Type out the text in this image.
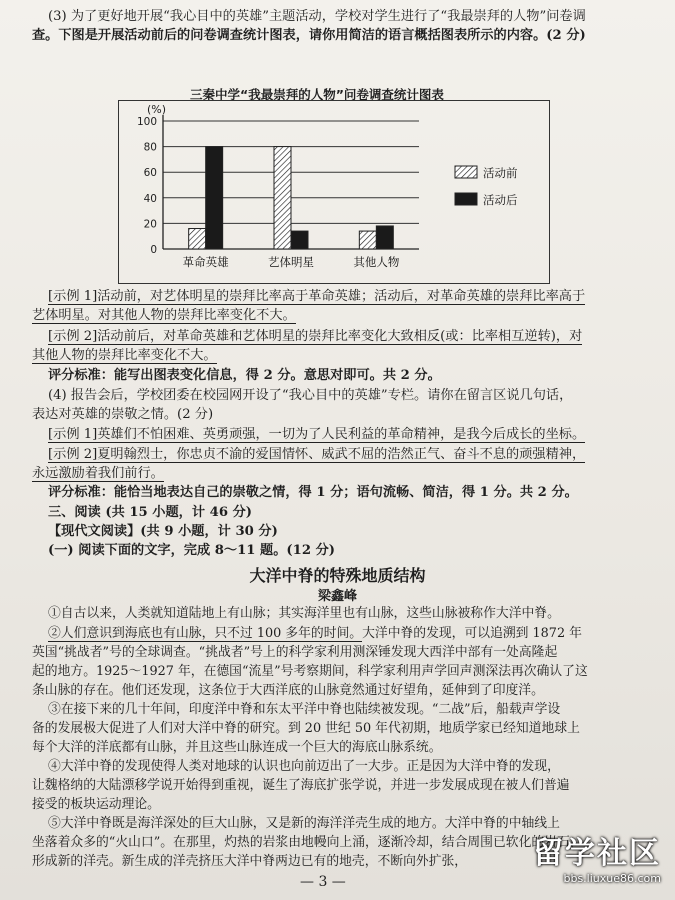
(3) 为了更好地开展“我心目中的英雄”主题活动，学校对学生进行了“我最崇拜的人物”问卷调
查。下图是开展活动前后的问卷调查统计图表，请你用简洁的语言概括图表所示的内容。(2 分)
三秦中学“我最崇拜的人物”问卷调查统计图表
(%)
0
20
40
60
80
100
革命英雄	艺体明星	其他人物
活动前
活动后
[示例 1]活动前，对艺体明星的崇拜比率高于革命英雄；活动后，对革命英雄的崇拜比率高于
艺体明星。对其他人物的崇拜比率变化不大。
[示例 2]活动前后，对革命英雄和艺体明星的崇拜比率变化大致相反(或：比率相互逆转)，对
其他人物的崇拜比率变化不大。
评分标准：能写出图表变化信息，得 2 分。意思对即可。共 2 分。
(4) 报告会后，学校团委在校园网开设了“我心目中的英雄”专栏。请你在留言区说几句话，
表达对英雄的崇敬之情。(2 分)
[示例 1]英雄们不怕困难、英勇顽强，一切为了人民利益的革命精神，是我今后成长的坐标。
[示例 2]夏明翰烈士，你忠贞不渝的爱国情怀、威武不屈的浩然正气、奋斗不息的顽强精神，
永远激励着我们前行。
评分标准：能恰当地表达自己的崇敬之情，得 1 分；语句流畅、简洁，得 1 分。共 2 分。
三、阅读 (共 15 小题，计 46 分)
【现代文阅读】(共 9 小题，计 30 分)
(一) 阅读下面的文字，完成 8～11 题。(12 分)
大洋中脊的特殊地质结构
梁鑫峰
①自古以来，人类就知道陆地上有山脉；其实海洋里也有山脉，这些山脉被称作大洋中脊。
②人们意识到海底也有山脉，只不过 100 多年的时间。大洋中脊的发现，可以追溯到 1872 年
英国“挑战者”号的全球调查。“挑战者”号上的科学家利用测深锤发现大西洋中部有一处高隆起
起的地方。1925～1927 年，在德国“流星”号考察期间，科学家利用声学回声测深法再次确认了这
条山脉的存在。他们还发现，这条位于大西洋底的山脉竟然通过好望角，延伸到了印度洋。
③在接下来的几十年间，印度洋中脊和东太平洋中脊也陆续被发现。“二战”后，船载声学设
备的发展极大促进了人们对大洋中脊的研究。到 20 世纪 50 年代初期，地质学家已经知道地球上
每个大洋的洋底都有山脉，并且这些山脉连成一个巨大的海底山脉系统。
④大洋中脊的发现使得人类对地球的认识也向前迈出了一大步。正是因为大洋中脊的发现，
让魏格纳的大陆漂移学说开始得到重视，诞生了海底扩张学说，并进一步发展成现在被人们普遍
接受的板块运动理论。
⑤大洋中脊既是海洋深处的巨大山脉，又是新的海洋洋壳生成的地方。大洋中脊的中轴线上
坐落着众多的“火山口”。在那里，灼热的岩浆由地幔向上涌，逐渐冷却，结合周围已软化的岩石，
形成新的洋壳。新生成的洋壳挤压大洋中脊两边已有的地壳，不断向外扩张，
— 3 —
留学社区
bbs.liuxue86.com
